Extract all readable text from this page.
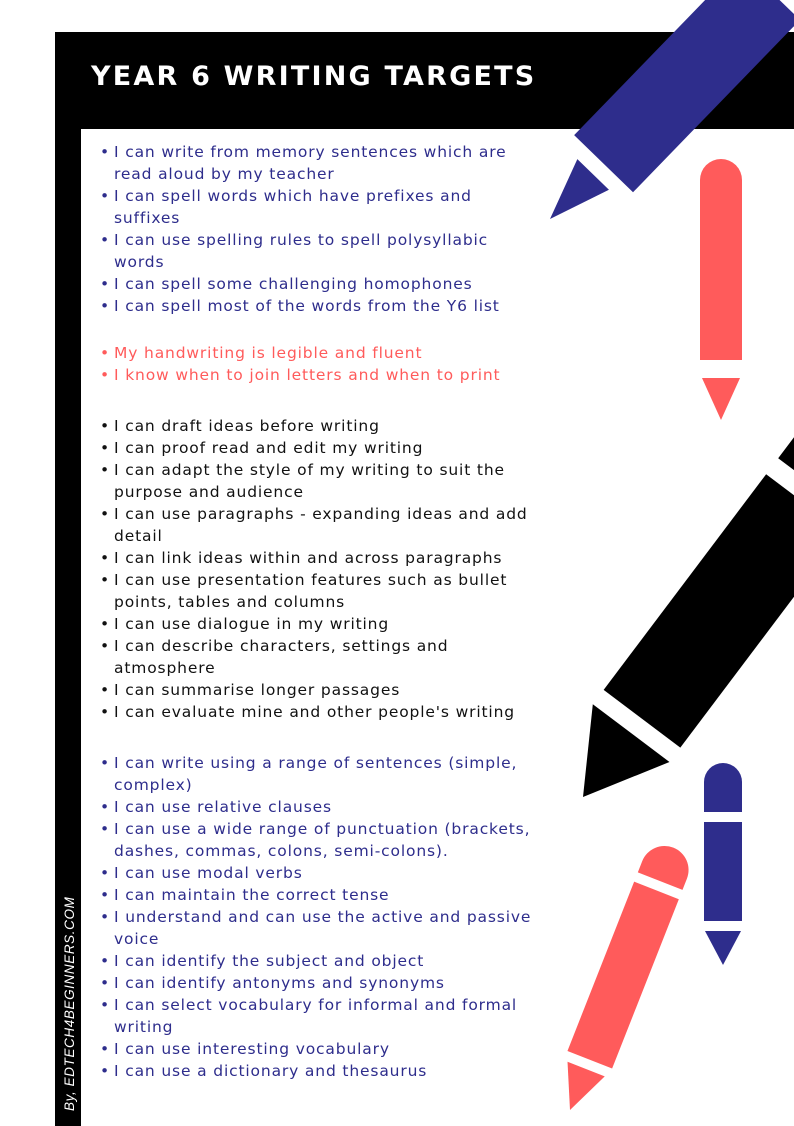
YEAR 6 WRITING TARGETS
By, EDTECH4BEGINNERS.COM
• I can write from memory sentences which are read aloud by my teacher
• I can spell words which have prefixes and suffixes
• I can use spelling rules to spell polysyllabic words
• I can spell some challenging homophones
• I can spell most of the words from the Y6 list
• My handwriting is legible and fluent
• I know when to join letters and when to print
• I can draft ideas before writing
• I can proof read and edit my writing
• I can adapt the style of my writing to suit the purpose and audience
• I can use paragraphs - expanding ideas and add detail
• I can link ideas within and across paragraphs
• I can use presentation features such as bullet points, tables and columns
• I can use dialogue in my writing
• I can describe characters, settings and atmosphere
• I can summarise longer passages
• I can evaluate mine and other people's writing
• I can write using a range of sentences (simple, complex)
• I can use relative clauses
• I can use a wide range of punctuation (brackets, dashes, commas, colons, semi-colons).
• I can use modal verbs
• I can maintain the correct tense
• I understand and can use the active and passive voice
• I can identify the subject and object
• I can identify antonyms and synonyms
• I can select vocabulary for informal and formal writing
• I can use interesting vocabulary
• I can use a dictionary and thesaurus
